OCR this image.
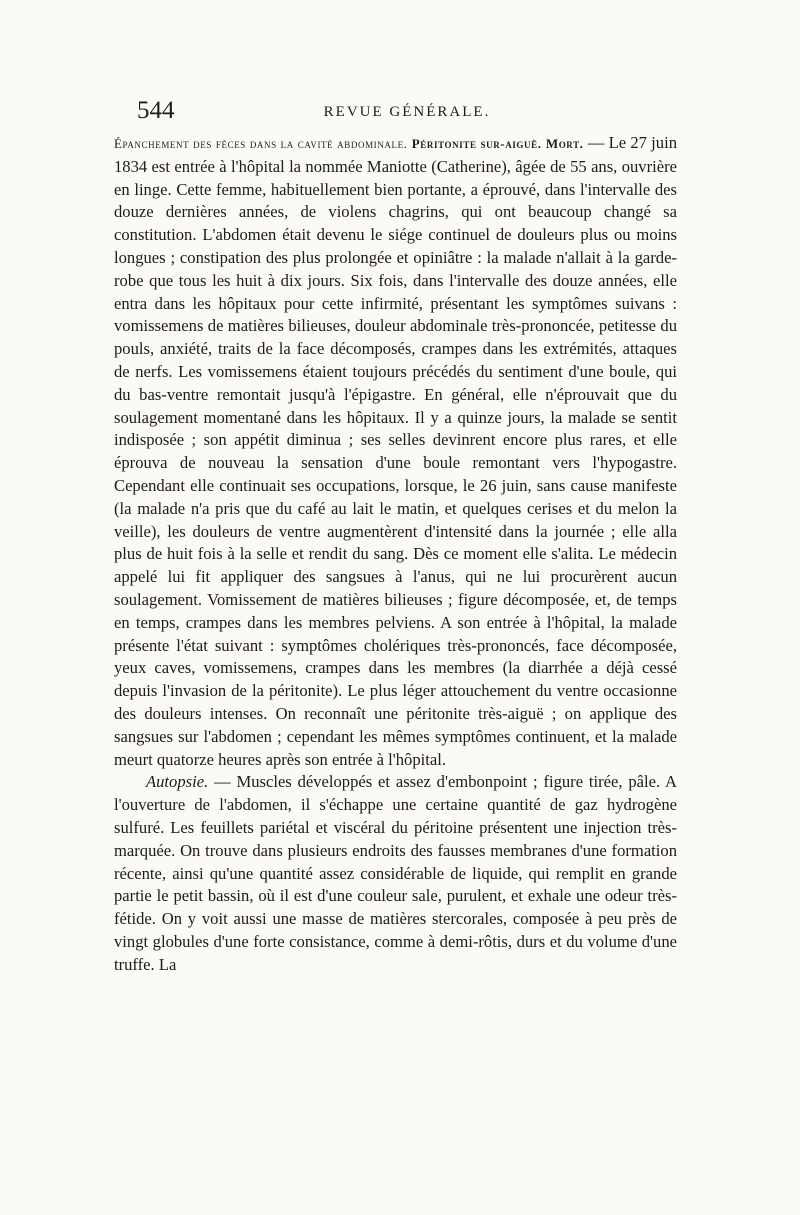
544	REVUE GÉNÉRALE.

Épanchement des fèces dans la cavité abdominale. Péritonite sur-aiguë. Mort. — Le 27 juin 1834 est entrée à l'hôpital la nommée Maniotte (Catherine), âgée de 55 ans, ouvrière en linge. Cette femme, habituellement bien portante, a éprouvé, dans l'intervalle des douze dernières années, de violens chagrins, qui ont beaucoup changé sa constitution. L'abdomen était devenu le siége continuel de douleurs plus ou moins longues ; constipation des plus prolongée et opiniâtre : la malade n'allait à la garde-robe que tous les huit à dix jours. Six fois, dans l'intervalle des douze années, elle entra dans les hôpitaux pour cette infirmité, présentant les symptômes suivans : vomissemens de matières bilieuses, douleur abdominale très-prononcée, petitesse du pouls, anxiété, traits de la face décomposés, crampes dans les extrémités, attaques de nerfs. Les vomissemens étaient toujours précédés du sentiment d'une boule, qui du bas-ventre remontait jusqu'à l'épigastre. En général, elle n'éprouvait que du soulagement momentané dans les hôpitaux. Il y a quinze jours, la malade se sentit indisposée ; son appétit diminua ; ses selles devinrent encore plus rares, et elle éprouva de nouveau la sensation d'une boule remontant vers l'hypogastre. Cependant elle continuait ses occupations, lorsque, le 26 juin, sans cause manifeste (la malade n'a pris que du café au lait le matin, et quelques cerises et du melon la veille), les douleurs de ventre augmentèrent d'intensité dans la journée ; elle alla plus de huit fois à la selle et rendit du sang. Dès ce moment elle s'alita. Le médecin appelé lui fit appliquer des sangsues à l'anus, qui ne lui procurèrent aucun soulagement. Vomissement de matières bilieuses ; figure décomposée, et, de temps en temps, crampes dans les membres pelviens. A son entrée à l'hôpital, la malade présente l'état suivant : symptômes cholériques très-prononcés, face décomposée, yeux caves, vomissemens, crampes dans les membres (la diarrhée a déjà cessé depuis l'invasion de la péritonite). Le plus léger attouchement du ventre occasionne des douleurs intenses. On reconnaît une péritonite très-aiguë ; on applique des sangsues sur l'abdomen ; cependant les mêmes symptômes continuent, et la malade meurt quatorze heures après son entrée à l'hôpital.

Autopsie. — Muscles développés et assez d'embonpoint ; figure tirée, pâle. A l'ouverture de l'abdomen, il s'échappe une certaine quantité de gaz hydrogène sulfuré. Les feuillets pariétal et viscéral du péritoine présentent une injection très-marquée. On trouve dans plusieurs endroits des fausses membranes d'une formation récente, ainsi qu'une quantité assez considérable de liquide, qui remplit en grande partie le petit bassin, où il est d'une couleur sale, purulent, et exhale une odeur très-fétide. On y voit aussi une masse de matières stercorales, composée à peu près de vingt globules d'une forte consistance, comme à demi-rôtis, durs et du volume d'une truffe. La
